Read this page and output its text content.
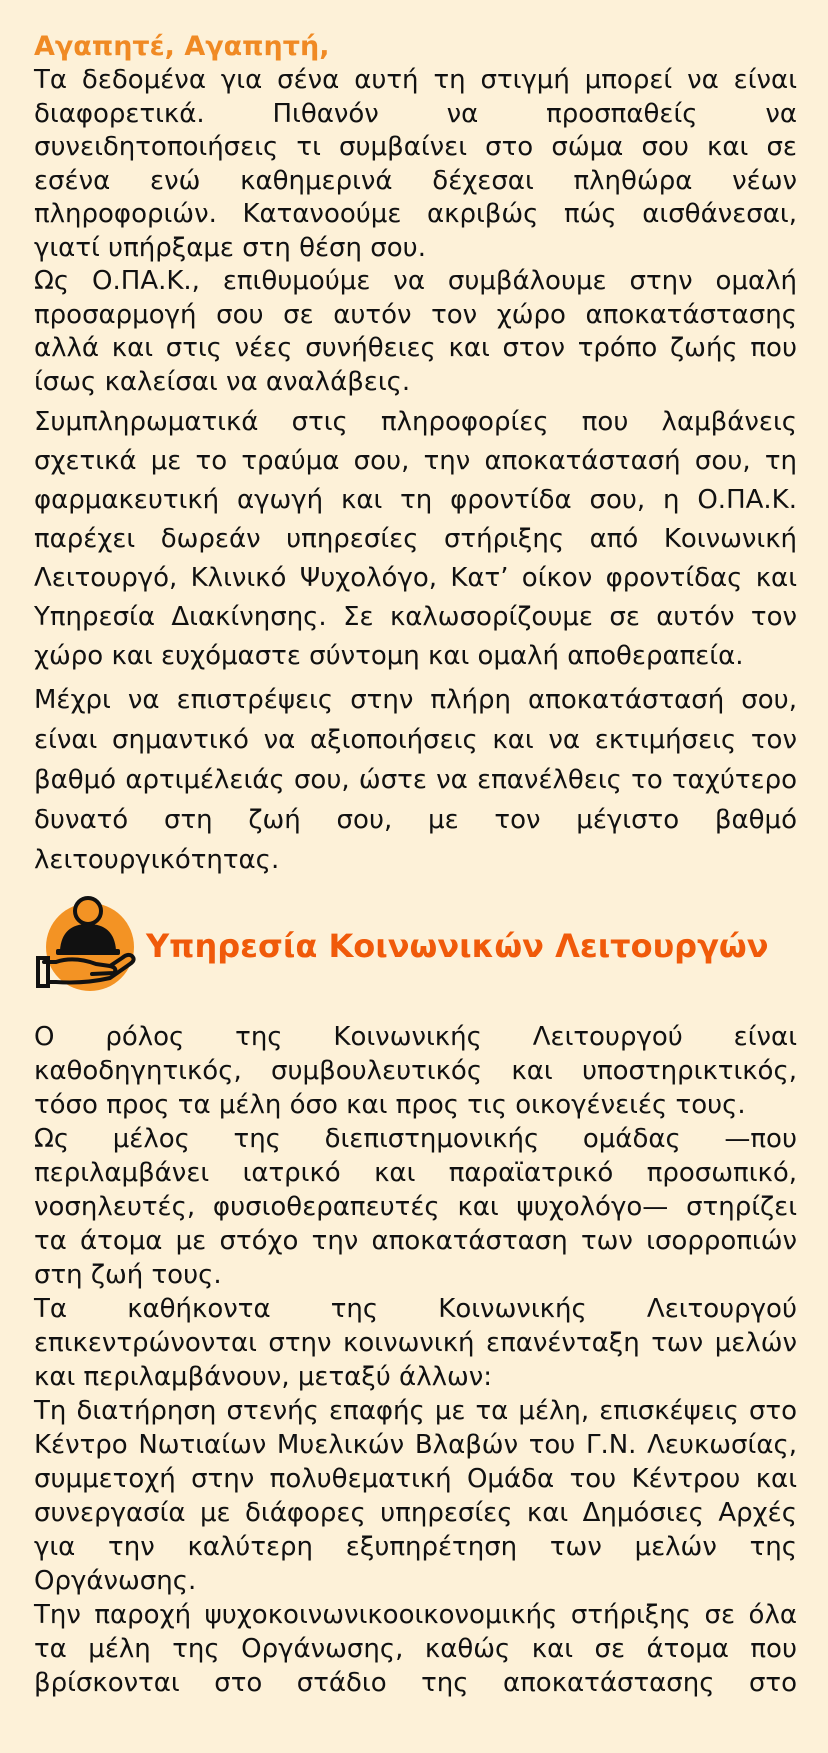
Αγαπητέ, Αγαπητή,

Τα δεδομένα για σένα αυτή τη στιγμή μπορεί να είναι διαφορετικά. Πιθανόν να προσπαθείς να συνειδητοποιήσεις τι συμβαίνει στο σώμα σου και σε εσένα ενώ καθημερινά δέχεσαι πληθώρα νέων πληροφοριών. Κατανοούμε ακριβώς πώς αισθάνεσαι, γιατί υπήρξαμε στη θέση σου.

Ως Ο.ΠΑ.Κ., επιθυμούμε να συμβάλουμε στην ομαλή προσαρμογή σου σε αυτόν τον χώρο αποκατάστασης αλλά και στις νέες συνήθειες και στον τρόπο ζωής που ίσως καλείσαι να αναλάβεις.

Συμπληρωματικά στις πληροφορίες που λαμβάνεις σχετικά με το τραύμα σου, την αποκατάστασή σου, τη φαρμακευτική αγωγή και τη φροντίδα σου, η Ο.ΠΑ.Κ. παρέχει δωρεάν υπηρεσίες στήριξης από Κοινωνική Λειτουργό, Κλινικό Ψυχολόγο, Κατ’ οίκον φροντίδας και Υπηρεσία Διακίνησης. Σε καλωσορίζουμε σε αυτόν τον χώρο και ευχόμαστε σύντομη και ομαλή αποθεραπεία.

Μέχρι να επιστρέψεις στην πλήρη αποκατάστασή σου, είναι σημαντικό να αξιοποιήσεις και να εκτιμήσεις τον βαθμό αρτιμέλειάς σου, ώστε να επανέλθεις το ταχύτερο δυνατό στη ζωή σου, με τον μέγιστο βαθμό λειτουργικότητας.

Υπηρεσία Κοινωνικών Λειτουργών

Ο ρόλος της Κοινωνικής Λειτουργού είναι καθοδηγητικός, συμβουλευτικός και υποστηρικτικός, τόσο προς τα μέλη όσο και προς τις οικογένειές τους.

Ως μέλος της διεπιστημονικής ομάδας —που περιλαμβάνει ιατρικό και παραϊατρικό προσωπικό, νοσηλευτές, φυσιοθεραπευτές και ψυχολόγο— στηρίζει τα άτομα με στόχο την αποκατάσταση των ισορροπιών στη ζωή τους.

Τα καθήκοντα της Κοινωνικής Λειτουργού επικεντρώνονται στην κοινωνική επανένταξη των μελών και περιλαμβάνουν, μεταξύ άλλων:

Τη διατήρηση στενής επαφής με τα μέλη, επισκέψεις στο Κέντρο Νωτιαίων Μυελικών Βλαβών του Γ.Ν. Λευκωσίας, συμμετοχή στην πολυθεματική Ομάδα του Κέντρου και συνεργασία με διάφορες υπηρεσίες και Δημόσιες Αρχές για την καλύτερη εξυπηρέτηση των μελών της Οργάνωσης.

Την παροχή ψυχοκοινωνικοοικονομικής στήριξης σε όλα τα μέλη της Οργάνωσης, καθώς και σε άτομα που βρίσκονται στο στάδιο της αποκατάστασης στο
